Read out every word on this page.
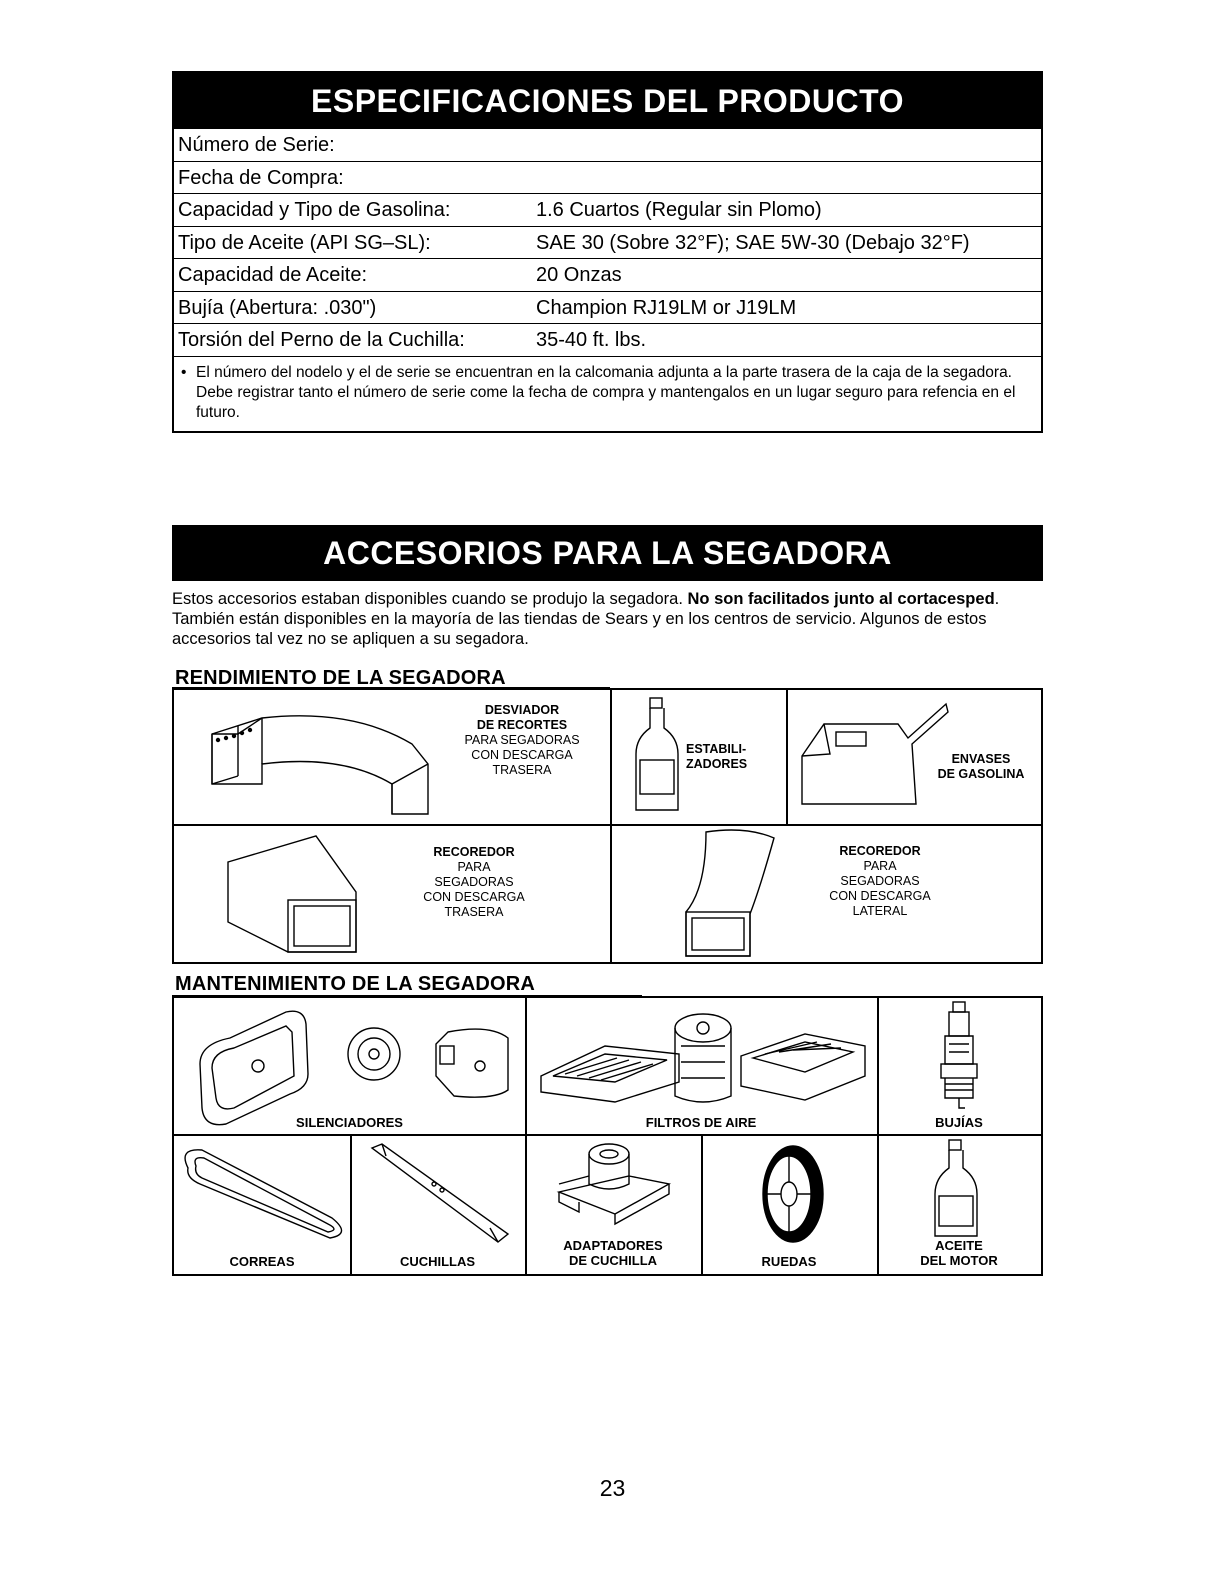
ESPECIFICACIONES DEL PRODUCTO
Número de Serie:
Fecha de Compra:
Capacidad y Tipo de Gasolina:	1.6 Cuartos (Regular sin Plomo)
Tipo de Aceite (API SG–SL):	SAE 30 (Sobre 32°F); SAE 5W-30 (Debajo 32°F)
Capacidad de Aceite:	20 Onzas
Bujía (Abertura: .030")	Champion RJ19LM or J19LM
Torsión del Perno de la Cuchilla:	35-40 ft. lbs.
• El número del nodelo y el de serie se encuentran en la calcomania adjunta a la parte trasera de la caja de la segadora. Debe registrar tanto el número de serie come la fecha de compra y mantengalos en un lugar seguro para refencia en el futuro.
ACCESORIOS PARA LA SEGADORA
Estos accesorios estaban disponibles cuando se produjo la segadora. No son facilitados junto al cortacesped. También están disponibles en la mayoría de las tiendas de Sears y en los centros de servicio. Algunos de estos accesorios tal vez no se apliquen a su segadora.
RENDIMIENTO DE LA SEGADORA
DESVIADOR
DE RECORTES
PARA SEGADORAS
CON DESCARGA
TRASERA
ESTABILI-
ZADORES	ENVASES
DE GASOLINA
RECOREDOR
PARA
SEGADORAS
CON DESCARGA
TRASERA
RECOREDOR
PARA
SEGADORAS
CON DESCARGA
LATERAL
MANTENIMIENTO DE LA SEGADORA
SILENCIADORES	FILTROS DE AIRE	BUJÍAS
CORREAS	CUCHILLAS
ADAPTADORES
DE CUCHILLA	RUEDAS
ACEITE
DEL MOTOR
23
